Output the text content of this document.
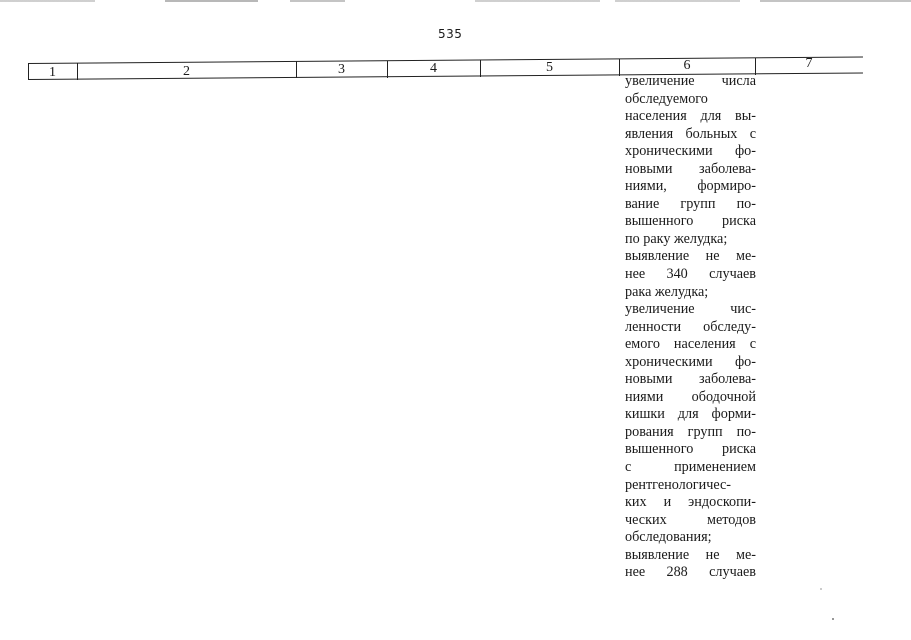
535
1	2	3	4	5	6	7
увеличение числа
обследуемого
населения для вы-
явления больных с
хроническими фо-
новыми заболева-
ниями, формиро-
вание групп по-
вышенного риска
по раку желудка;
выявление не ме-
нее 340 случаев
рака желудка;
увеличение чис-
ленности обследу-
емого населения с
хроническими фо-
новыми заболева-
ниями ободочной
кишки для форми-
рования групп по-
вышенного риска
с применением
рентгенологичес-
ких и эндоскопи-
ческих методов
обследования;
выявление не ме-
нее 288 случаев
